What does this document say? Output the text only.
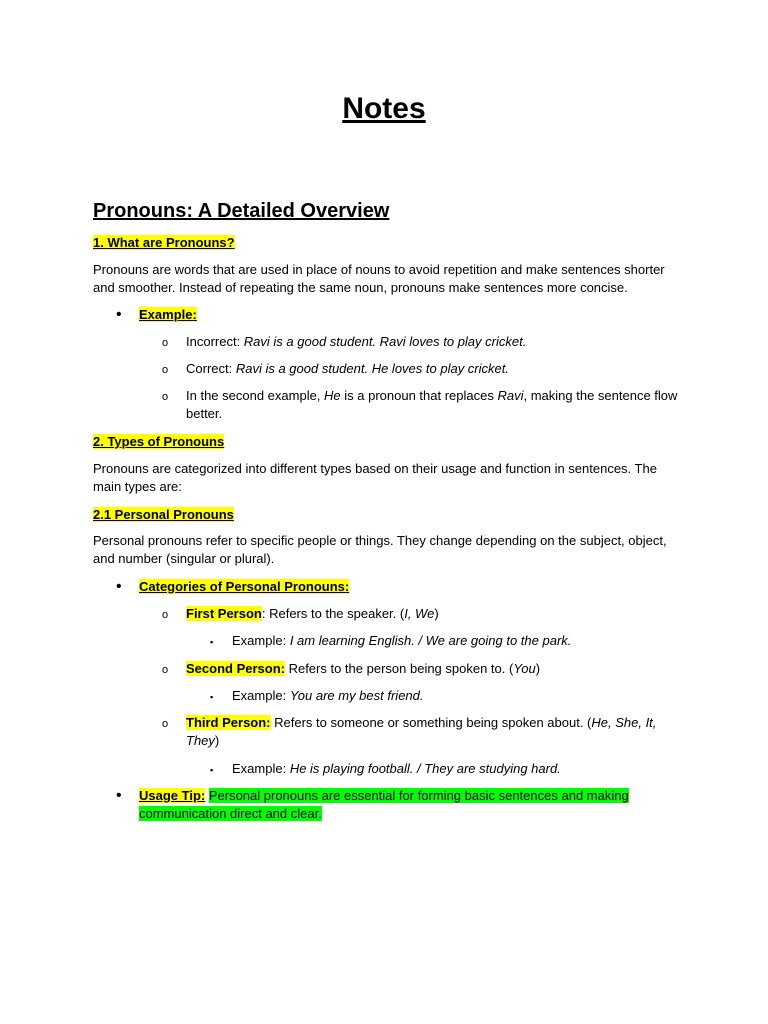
Notes
Pronouns: A Detailed Overview
1. What are Pronouns?
Pronouns are words that are used in place of nouns to avoid repetition and make sentences shorter and smoother. Instead of repeating the same noun, pronouns make sentences more concise.
• Example:
o Incorrect: Ravi is a good student. Ravi loves to play cricket.
o Correct: Ravi is a good student. He loves to play cricket.
o In the second example, He is a pronoun that replaces Ravi, making the sentence flow better.
2. Types of Pronouns
Pronouns are categorized into different types based on their usage and function in sentences. The main types are:
2.1 Personal Pronouns
Personal pronouns refer to specific people or things. They change depending on the subject, object, and number (singular or plural).
• Categories of Personal Pronouns:
o First Person: Refers to the speaker. (I, We)
▪ Example: I am learning English. / We are going to the park.
o Second Person: Refers to the person being spoken to. (You)
▪ Example: You are my best friend.
o Third Person: Refers to someone or something being spoken about. (He, She, It, They)
▪ Example: He is playing football. / They are studying hard.
• Usage Tip: Personal pronouns are essential for forming basic sentences and making communication direct and clear.
